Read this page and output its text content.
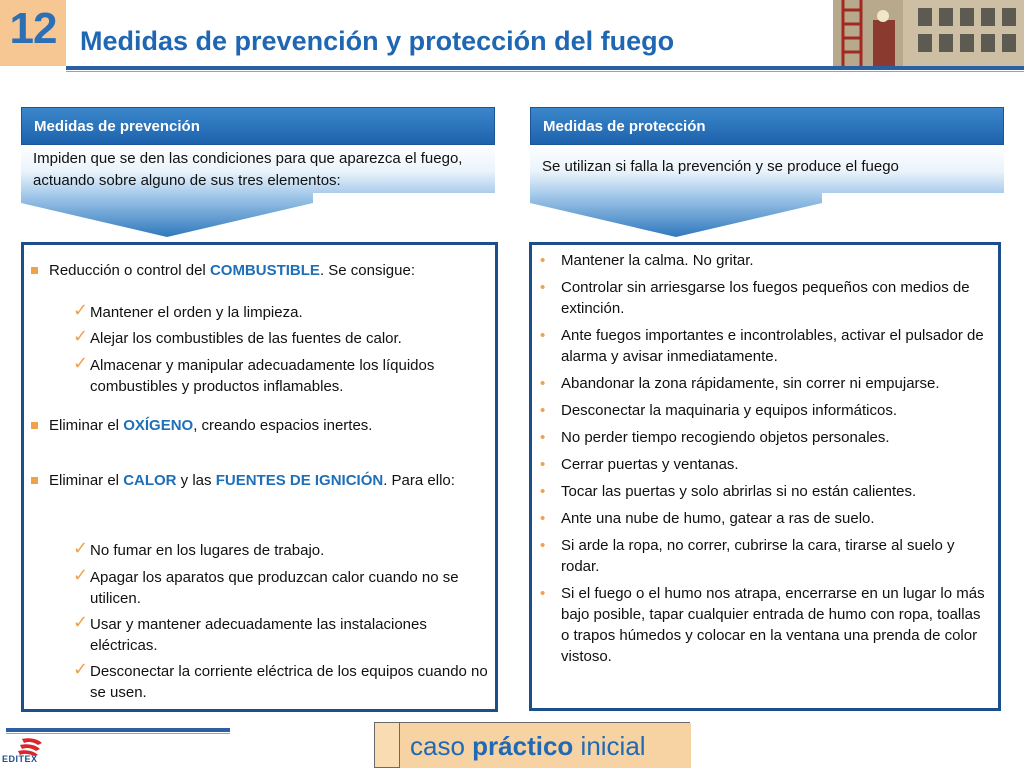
12 Medidas de prevención y protección del fuego
Medidas de prevención
Impiden que se den las condiciones para que aparezca el fuego, actuando sobre alguno de sus tres elementos:
Medidas de protección
Se utilizan si falla la prevención y se produce el fuego
Reducción o control del COMBUSTIBLE. Se consigue:
✓ Mantener el orden y la limpieza.
✓ Alejar los combustibles de las fuentes de calor.
✓ Almacenar y manipular adecuadamente los líquidos combustibles y productos inflamables.
Eliminar el OXÍGENO, creando espacios inertes.
Eliminar el CALOR y las FUENTES DE IGNICIÓN. Para ello:
✓ No fumar en los lugares de trabajo.
✓ Apagar los aparatos que produzcan calor cuando no se utilicen.
✓ Usar y mantener adecuadamente las instalaciones eléctricas.
✓ Desconectar la corriente eléctrica de los equipos cuando no se usen.
• Mantener la calma. No gritar.
• Controlar sin arriesgarse los fuegos pequeños con medios de extinción.
• Ante fuegos importantes e incontrolables, activar el pulsador de alarma y avisar inmediatamente.
• Abandonar la zona rápidamente, sin correr ni empujarse.
• Desconectar la maquinaria y equipos informáticos.
• No perder tiempo recogiendo objetos personales.
• Cerrar puertas y ventanas.
• Tocar las puertas y solo abrirlas si no están calientes.
• Ante una nube de humo, gatear a ras de suelo.
• Si arde la ropa, no correr, cubrirse la cara, tirarse al suelo y rodar.
• Si el fuego o el humo nos atrapa, encerrarse en un lugar lo más bajo posible, tapar cualquier entrada de humo con ropa, toallas o trapos húmedos y colocar en la ventana una prenda de color vistoso.
EDITEX	caso práctico inicial
